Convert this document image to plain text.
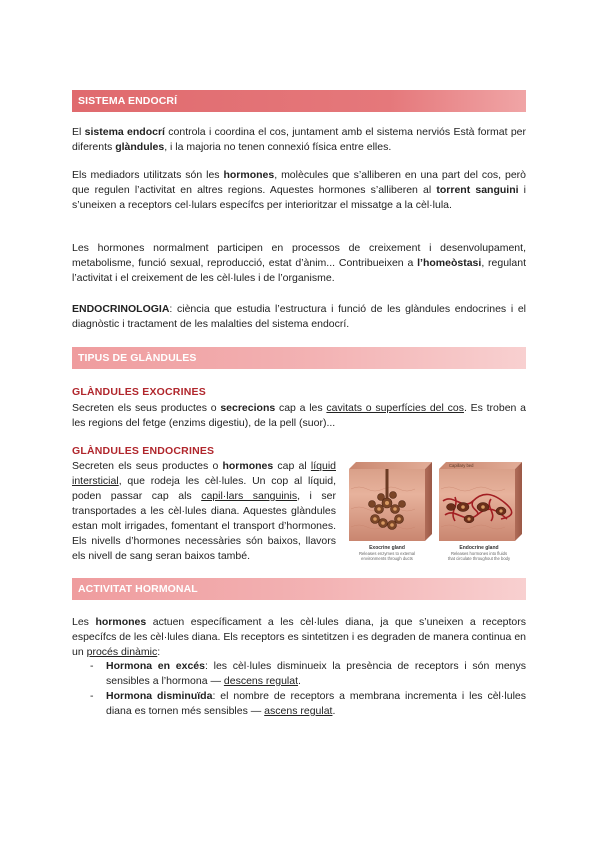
SISTEMA ENDOCRÍ

El sistema endocrí controla i coordina el cos, juntament amb el sistema nerviós Està format per diferents glàndules, i la majoria no tenen connexió física entre elles.

Els mediadors utilitzats són les hormones, molècules que s’alliberen en una part del cos, però que regulen l’activitat en altres regions. Aquestes hormones s’alliberen al torrent sanguini i s’uneixen a receptors cel·lulars específcs per interioritzar el missatge a la cèl·lula.

Les hormones normalment participen en processos de creixement i desenvolupament, metabolisme, funció sexual, reproducció, estat d’ànim... Contribueixen a l’homeòstasi, regulant l’activitat i el creixement de les cèl·lules i de l’organisme.

ENDOCRINOLOGIA: ciència que estudia l’estructura i funció de les glàndules endocrines i el diagnòstic i tractament de les malalties del sistema endocrí.

TIPUS DE GLÀNDULES
GLÀNDULES EXOCRINES

Secreten els seus productes o secrecions cap a les cavitats o superfícies del cos. Es troben a les regions del fetge (enzims digestiu), de la pell (suor)...

GLÀNDULES ENDOCRINES

Secreten els seus productes o hormones cap al líquid intersticial, que rodeja les cèl·lules. Un cop al líquid, poden passar cap als capil·lars sanguinis, i ser transportades a les cèl·lules diana. Aquestes glàndules estan molt irrigades, fomentant el transport d’hormones. Els nivells d’hormones necessàries són baixos, llavors els nivell de sang seran baixos també.

Exocrine gland
Releases enzymes to external
environments through ducts
Capillary bed
Endocrine gland
Releases hormones into fluids
that circulate throughout the body
ACTIVITAT HORMONAL

Les hormones actuen específicament a les cèl·lules diana, ja que s’uneixen a receptors específcs de les cèl·lules diana. Els receptors es sintetitzen i es degraden de manera continua en un procés dinàmic:

- Hormona en excés: les cèl·lules disminueix la presència de receptors i són menys sensibles a l’hormona — descens regulat.
- Hormona disminuïda: el nombre de receptors a membrana incrementa i les cèl·lules diana es tornen més sensibles — ascens regulat.
